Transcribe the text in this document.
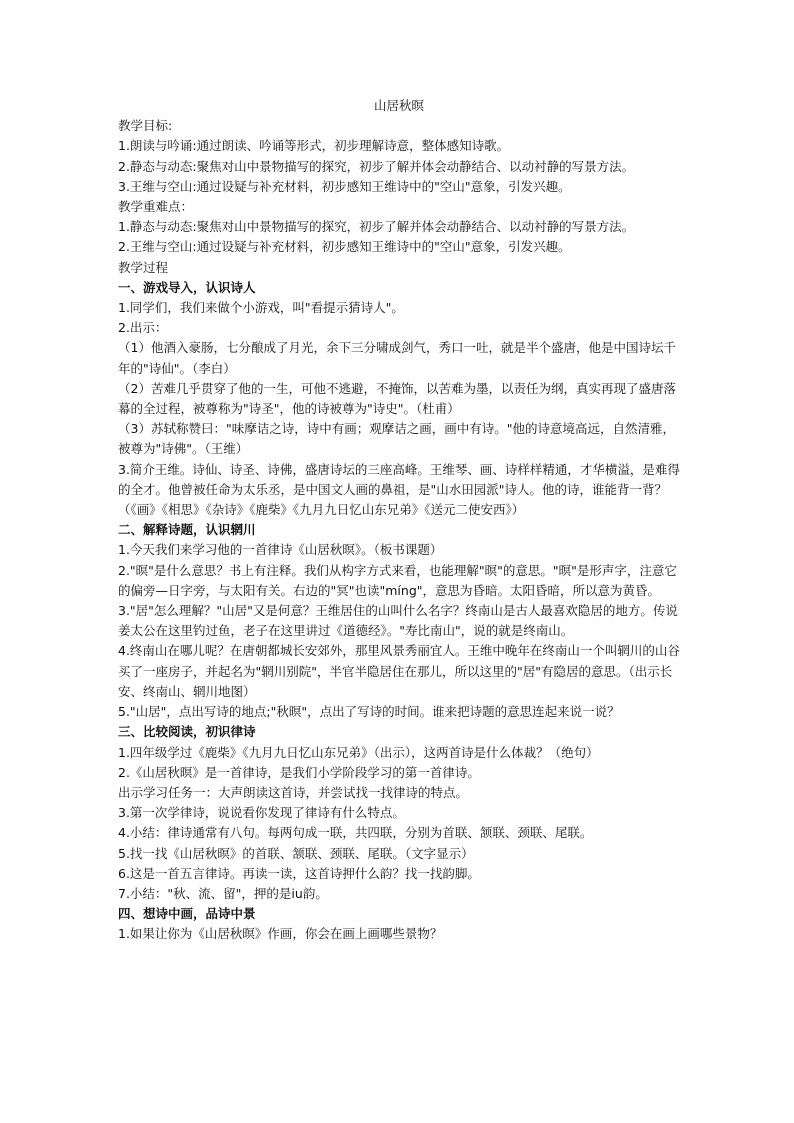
山居秋暝

教学目标:

1.朗读与吟诵:通过朗读、吟诵等形式，初步理解诗意，整体感知诗歌。

2.静态与动态:聚焦对山中景物描写的探究，初步了解并体会动静结合、以动衬静的写景方法。

3.王维与空山:通过设疑与补充材料，初步感知王维诗中的"空山"意象，引发兴趣。

教学重难点：

1.静态与动态:聚焦对山中景物描写的探究，初步了解并体会动静结合、以动衬静的写景方法。

2.王维与空山:通过设疑与补充材料，初步感知王维诗中的"空山"意象，引发兴趣。

教学过程

一、游戏导入，认识诗人

1.同学们，我们来做个小游戏，叫"看提示猜诗人"。

2.出示：

（1）他酒入豪肠，七分酿成了月光，余下三分啸成剑气，秀口一吐，就是半个盛唐，他是中国诗坛千年的"诗仙"。（李白）

（2）苦难几乎贯穿了他的一生，可他不逃避，不掩饰，以苦难为墨，以责任为纲，真实再现了盛唐落幕的全过程，被尊称为"诗圣"，他的诗被尊为"诗史"。（杜甫）

（3）苏轼称赞曰："味摩诘之诗，诗中有画；观摩诘之画，画中有诗。"他的诗意境高远，自然清雅，被尊为"诗佛"。（王维）

3.简介王维。诗仙、诗圣、诗佛，盛唐诗坛的三座高峰。王维琴、画、诗样样精通，才华横溢，是难得的全才。他曾被任命为太乐丞，是中国文人画的鼻祖，是"山水田园派"诗人。他的诗，谁能背一背？（《画》《相思》《杂诗》《鹿柴》《九月九日忆山东兄弟》《送元二使安西》）

二、解释诗题，认识辋川

1.今天我们来学习他的一首律诗《山居秋暝》。（板书课题）

2."暝"是什么意思？书上有注释。我们从构字方式来看，也能理解"暝"的意思。"暝"是形声字，注意它的偏旁—日字旁，与太阳有关。右边的"冥"也读"míng"，意思为昏暗。太阳昏暗，所以意为黄昏。

3."居"怎么理解？"山居"又是何意？王维居住的山叫什么名字？终南山是古人最喜欢隐居的地方。传说姜太公在这里钓过鱼，老子在这里讲过《道德经》。"寿比南山"，说的就是终南山。

4.终南山在哪儿呢？在唐朝都城长安郊外，那里风景秀丽宜人。王维中晚年在终南山一个叫辋川的山谷买了一座房子，并起名为"辋川别院"，半官半隐居住在那儿，所以这里的"居"有隐居的意思。（出示长安、终南山、辋川地图）

5."山居"，点出写诗的地点;"秋暝"，点出了写诗的时间。谁来把诗题的意思连起来说一说？

三、比较阅读，初识律诗

1.四年级学过《鹿柴》《九月九日忆山东兄弟》（出示），这两首诗是什么体裁？（绝句）

2.《山居秋暝》是一首律诗，是我们小学阶段学习的第一首律诗。

出示学习任务一：大声朗读这首诗，并尝试找一找律诗的特点。

3.第一次学律诗，说说看你发现了律诗有什么特点。

4.小结：律诗通常有八句。每两句成一联，共四联，分别为首联、颔联、颈联、尾联。

5.找一找《山居秋暝》的首联、颔联、颈联、尾联。（文字显示）

6.这是一首五言律诗。再读一读，这首诗押什么韵？找一找韵脚。

7.小结："秋、流、留"，押的是iu韵。

四、想诗中画，品诗中景

1.如果让你为《山居秋暝》作画，你会在画上画哪些景物？
